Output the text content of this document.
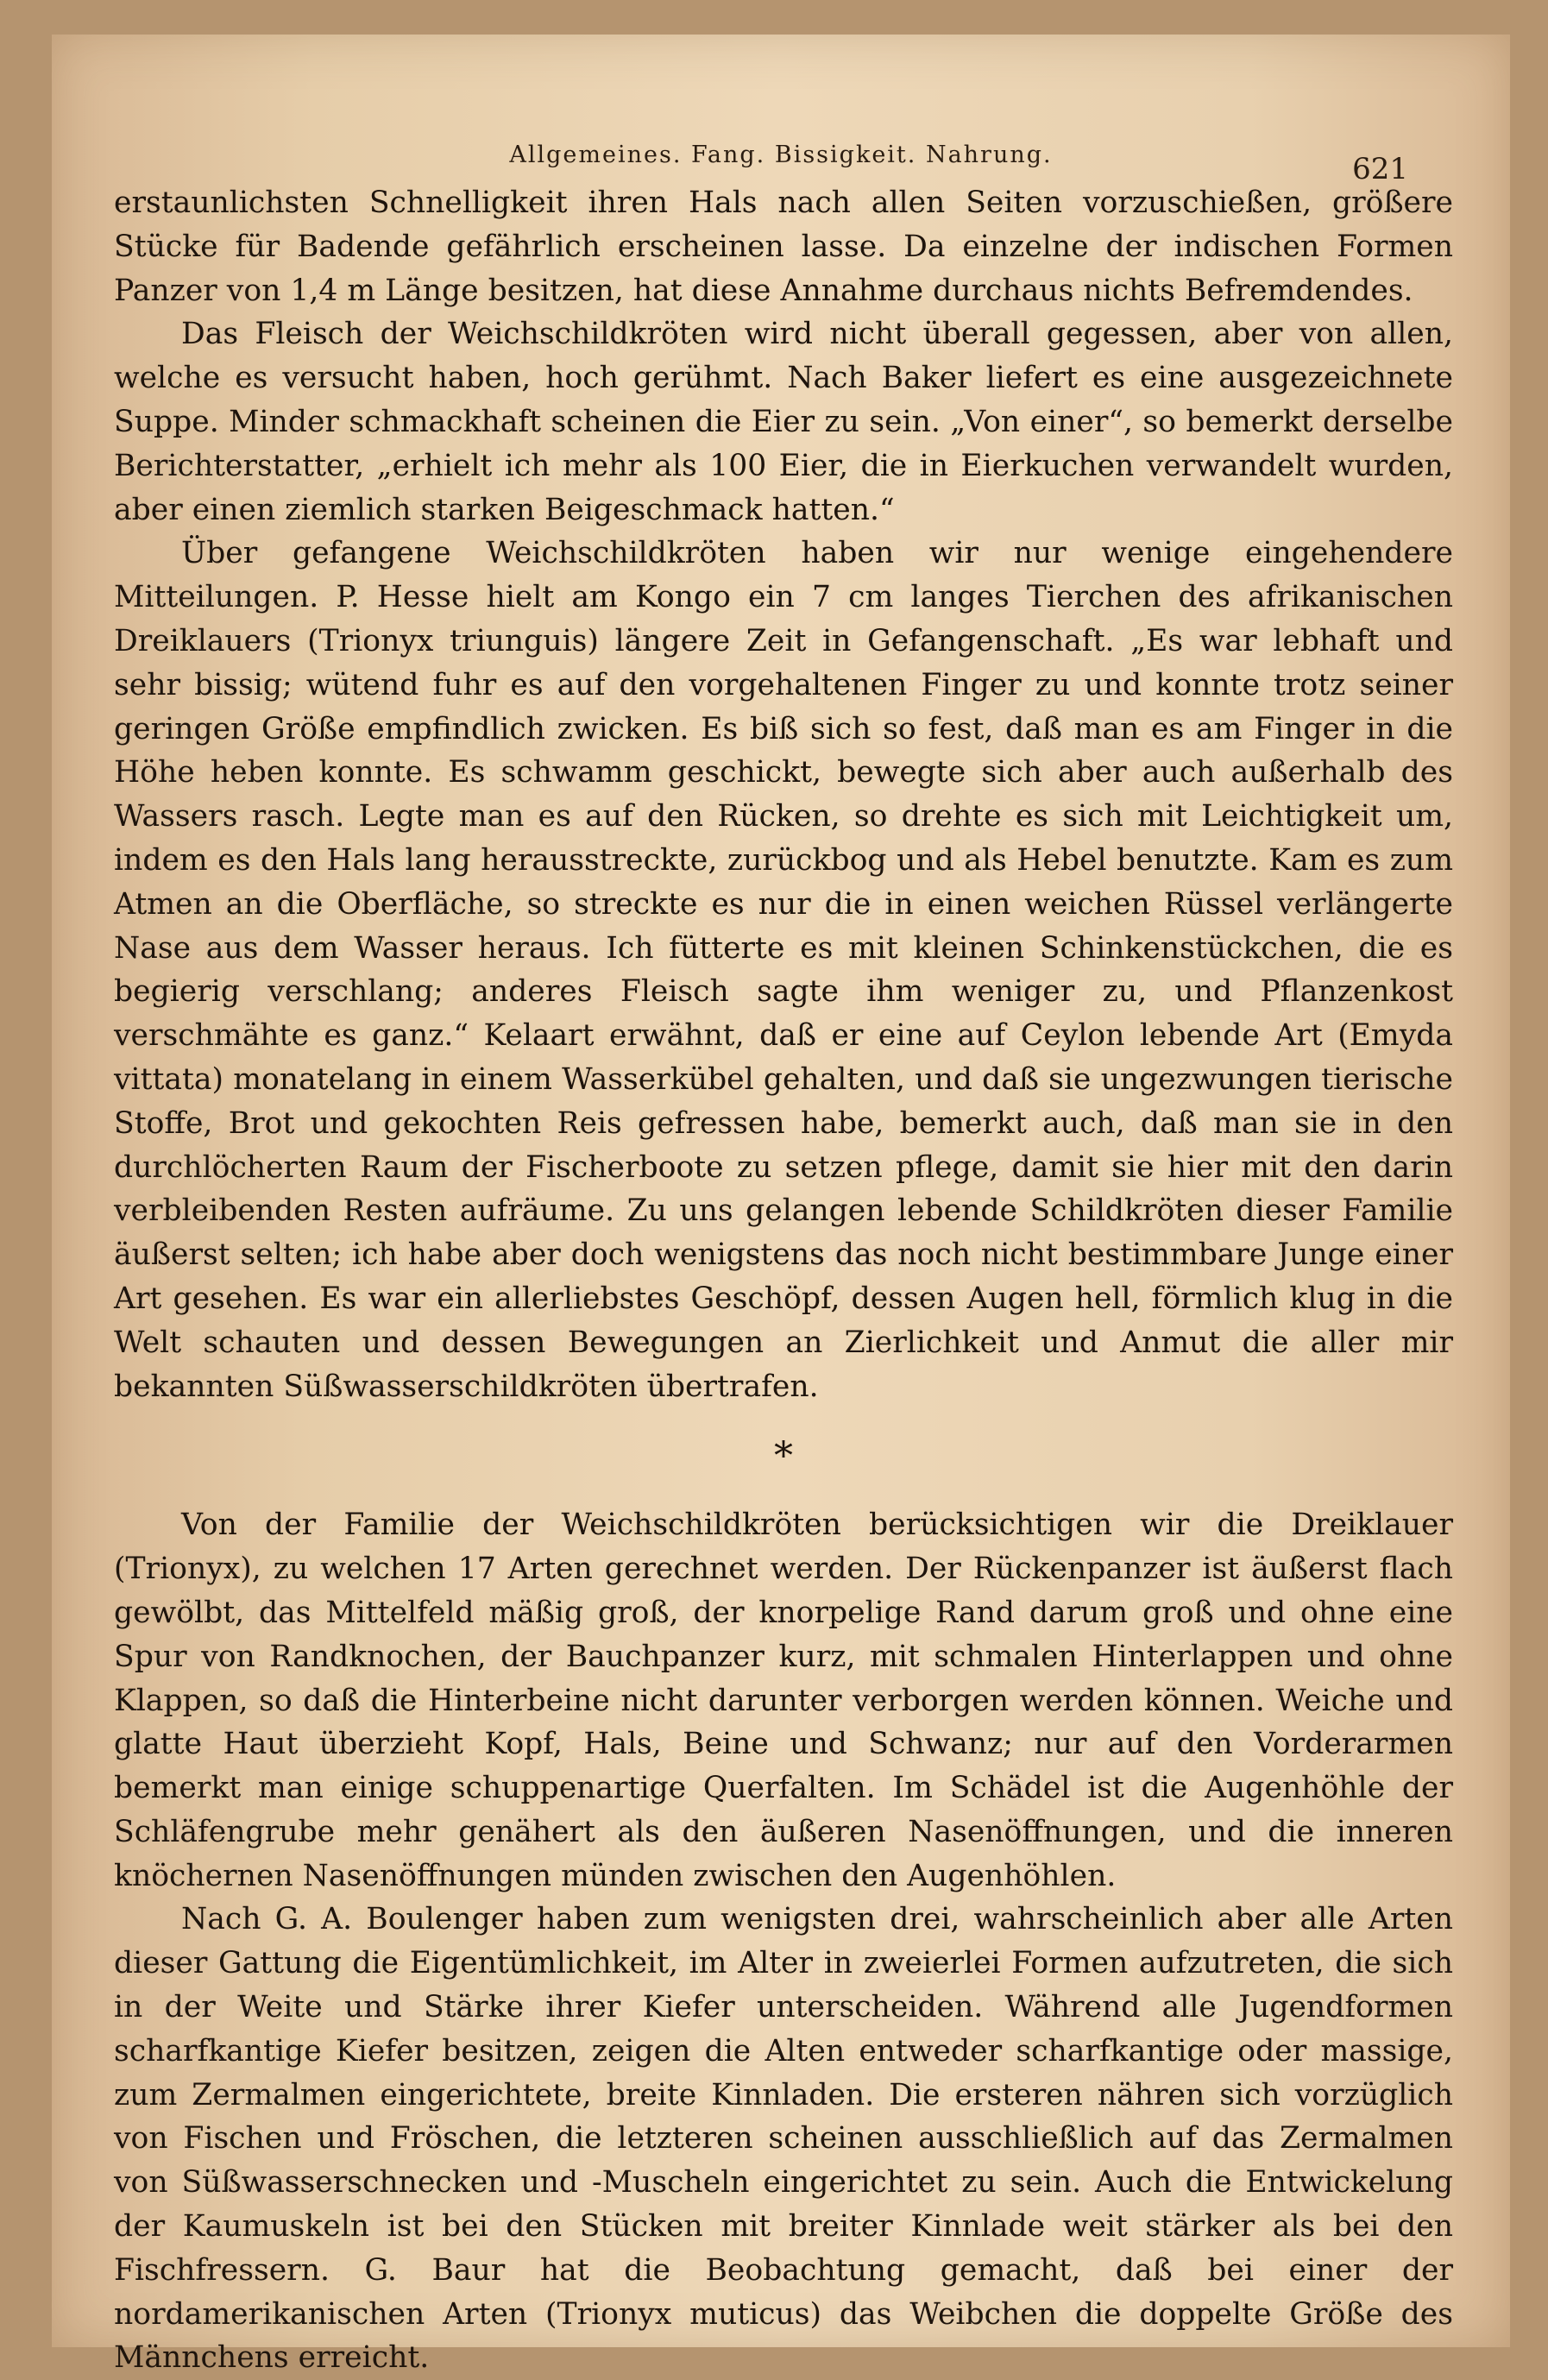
Allgemeines. Fang. Bissigkeit. Nahrung.	621

erstaunlichsten Schnelligkeit ihren Hals nach allen Seiten vorzuschießen, größere Stücke für Badende gefährlich erscheinen lasse. Da einzelne der indischen Formen Panzer von 1,4 m Länge besitzen, hat diese Annahme durchaus nichts Befremdendes.

Das Fleisch der Weichschildkröten wird nicht überall gegessen, aber von allen, welche es versucht haben, hoch gerühmt. Nach Baker liefert es eine ausgezeichnete Suppe. Minder schmackhaft scheinen die Eier zu sein. „Von einer“, so bemerkt derselbe Berichterstatter, „erhielt ich mehr als 100 Eier, die in Eierkuchen verwandelt wurden, aber einen ziemlich starken Beigeschmack hatten.“

Über gefangene Weichschildkröten haben wir nur wenige eingehendere Mitteilungen. P. Hesse hielt am Kongo ein 7 cm langes Tierchen des afrikanischen Dreiklauers (Trionyx triunguis) längere Zeit in Gefangenschaft. „Es war lebhaft und sehr bissig; wütend fuhr es auf den vorgehaltenen Finger zu und konnte trotz seiner geringen Größe empfindlich zwicken. Es biß sich so fest, daß man es am Finger in die Höhe heben konnte. Es schwamm geschickt, bewegte sich aber auch außerhalb des Wassers rasch. Legte man es auf den Rücken, so drehte es sich mit Leichtigkeit um, indem es den Hals lang herausstreckte, zurückbog und als Hebel benutzte. Kam es zum Atmen an die Oberfläche, so streckte es nur die in einen weichen Rüssel verlängerte Nase aus dem Wasser heraus. Ich fütterte es mit kleinen Schinkenstückchen, die es begierig verschlang; anderes Fleisch sagte ihm weniger zu, und Pflanzenkost verschmähte es ganz.“ Kelaart erwähnt, daß er eine auf Ceylon lebende Art (Emyda vittata) monatelang in einem Wasserkübel gehalten, und daß sie ungezwungen tierische Stoffe, Brot und gekochten Reis gefressen habe, bemerkt auch, daß man sie in den durchlöcherten Raum der Fischerboote zu setzen pflege, damit sie hier mit den darin verbleibenden Resten aufräume. Zu uns gelangen lebende Schildkröten dieser Familie äußerst selten; ich habe aber doch wenigstens das noch nicht bestimmbare Junge einer Art gesehen. Es war ein allerliebstes Geschöpf, dessen Augen hell, förmlich klug in die Welt schauten und dessen Bewegungen an Zierlichkeit und Anmut die aller mir bekannten Süßwasserschildkröten übertrafen.

*

Von der Familie der Weichschildkröten berücksichtigen wir die Dreiklauer (Trionyx), zu welchen 17 Arten gerechnet werden. Der Rückenpanzer ist äußerst flach gewölbt, das Mittelfeld mäßig groß, der knorpelige Rand darum groß und ohne eine Spur von Randknochen, der Bauchpanzer kurz, mit schmalen Hinterlappen und ohne Klappen, so daß die Hinterbeine nicht darunter verborgen werden können. Weiche und glatte Haut überzieht Kopf, Hals, Beine und Schwanz; nur auf den Vorderarmen bemerkt man einige schuppenartige Querfalten. Im Schädel ist die Augenhöhle der Schläfengrube mehr genähert als den äußeren Nasenöffnungen, und die inneren knöchernen Nasenöffnungen münden zwischen den Augenhöhlen.

Nach G. A. Boulenger haben zum wenigsten drei, wahrscheinlich aber alle Arten dieser Gattung die Eigentümlichkeit, im Alter in zweierlei Formen aufzutreten, die sich in der Weite und Stärke ihrer Kiefer unterscheiden. Während alle Jugendformen scharfkantige Kiefer besitzen, zeigen die Alten entweder scharfkantige oder massige, zum Zermalmen eingerichtete, breite Kinnladen. Die ersteren nähren sich vorzüglich von Fischen und Fröschen, die letzteren scheinen ausschließlich auf das Zermalmen von Süßwasserschnecken und -Muscheln eingerichtet zu sein. Auch die Entwickelung der Kaumuskeln ist bei den Stücken mit breiter Kinnlade weit stärker als bei den Fischfressern. G. Baur hat die Beobachtung gemacht, daß bei einer der nordamerikanischen Arten (Trionyx muticus) das Weibchen die doppelte Größe des Männchens erreicht.
